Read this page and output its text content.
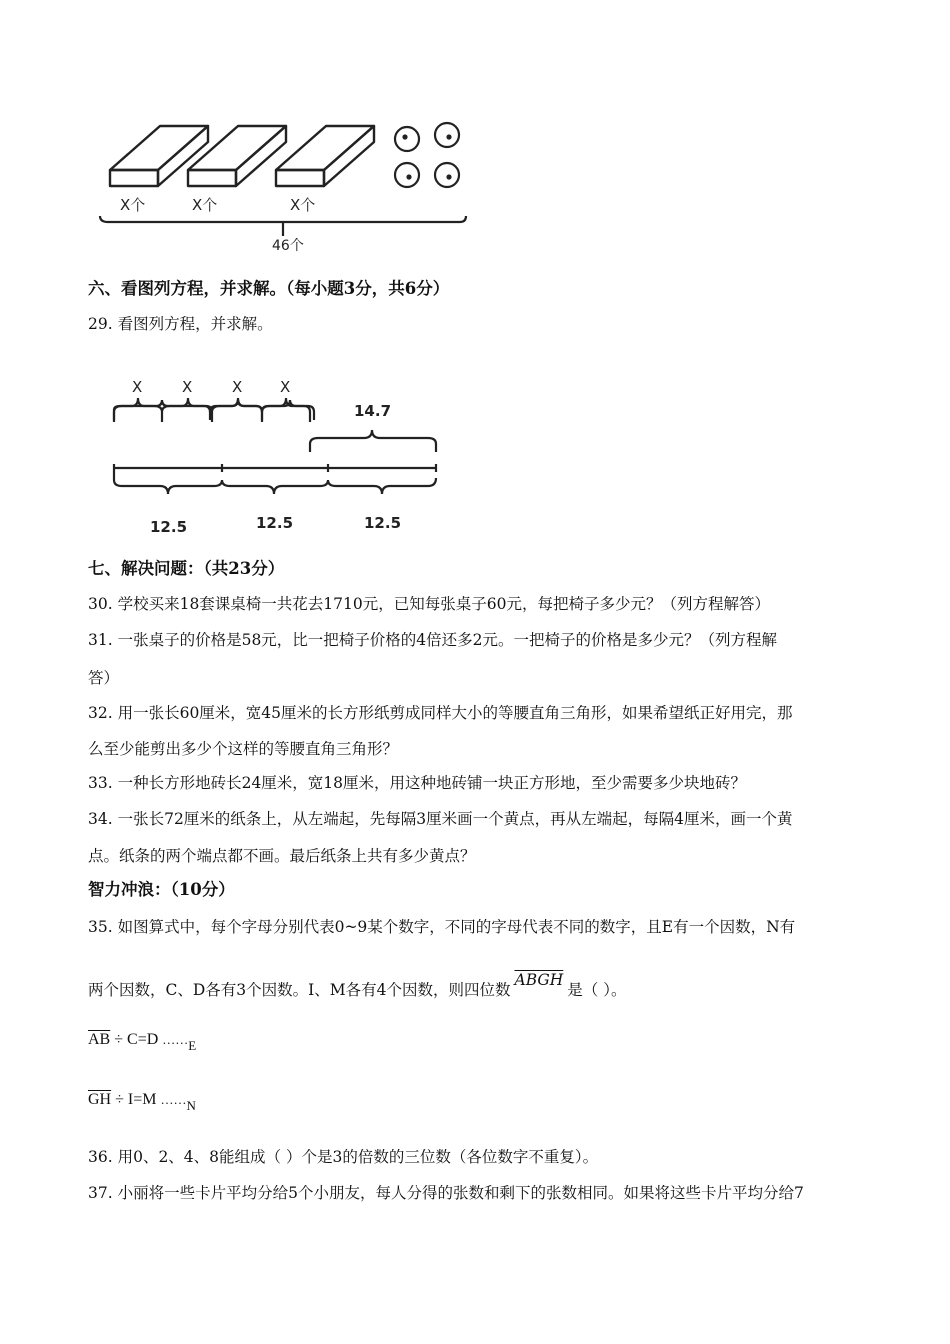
X个	X个	X个
46个
六、看图列方程，并求解。（每小题3分，共6分）
29. 看图列方程，并求解。
X	X	X	X
14.7
12.5	12.5	12.5
七、解决问题：（共23分）
30. 学校买来18套课桌椅一共花去1710元，已知每张桌子60元，每把椅子多少元？（列方程解答）
31. 一张桌子的价格是58元，比一把椅子价格的4倍还多2元。一把椅子的价格是多少元？（列方程解
答）
32. 用一张长60厘米，宽45厘米的长方形纸剪成同样大小的等腰直角三角形，如果希望纸正好用完，那
么至少能剪出多少个这样的等腰直角三角形？
33. 一种长方形地砖长24厘米，宽18厘米，用这种地砖铺一块正方形地，至少需要多少块地砖？
34. 一张长72厘米的纸条上，从左端起，先每隔3厘米画一个黄点，再从左端起，每隔4厘米，画一个黄
点。纸条的两个端点都不画。最后纸条上共有多少黄点？
智力冲浪：（10分）
35. 如图算式中，每个字母分别代表0~9某个数字，不同的字母代表不同的数字，且E有一个因数，N有
两个因数，C、D各有3个因数。I、M各有4个因数，则四位数ABGH是（ ）。
$\overline{AB} \div C=D$ $\dots\dots_E$
$\overline{GH} \div I=M$ $\dots\dots_N$
36. 用0、2、4、8能组成（ ）个是3的倍数的三位数（各位数字不重复）。
37. 小丽将一些卡片平均分给5个小朋友，每人分得的张数和剩下的张数相同。如果将这些卡片平均分给7
